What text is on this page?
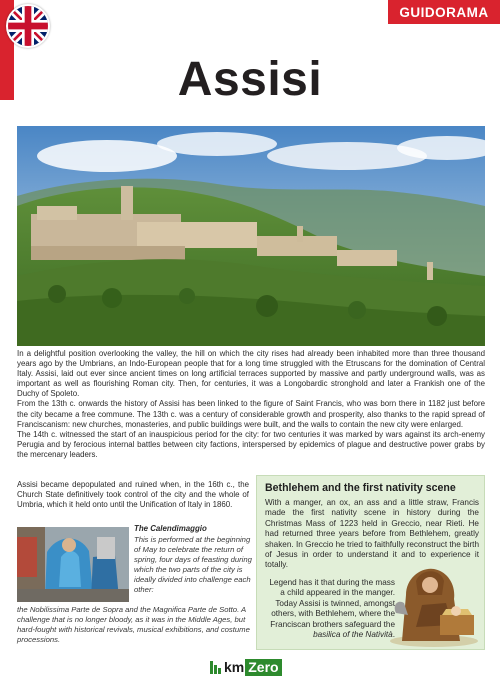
GUIDORAMA
Assisi

In a delightful position overlooking the valley, the hill on which the city rises had already been inhabited more than three thousand years ago by the Umbrians, an Indo-European people that for a long time struggled with the Etruscans for the domination of Central Italy. Assisi, laid out ever since ancient times on long artificial terraces supported by massive and partly underground walls, was as important as well as flourishing Roman city. Then, for centuries, it was a Longobardic stronghold and later a Frankish one of the Duchy of Spoleto.

From the 13th c. onwards the history of Assisi has been linked to the figure of Saint Francis, who was born there in 1182 just before the city became a free commune. The 13th c. was a century of considerable growth and prosperity, also thanks to the rapid spread of Franciscanism: new churches, monasteries, and public buildings were built, and the walls to contain the new city were enlarged.

The 14th c. witnessed the start of an inauspicious period for the city: for two centuries it was marked by wars against its arch-enemy Perugia and by ferocious internal battles between city factions, interspersed by epidemics of plague and destructive power grabs by the mercenary leaders.

Assisi became depopulated and ruined when, in the 16th c., the Church State definitively took control of the city and the whole of Umbria, which it held onto until the Unification of Italy in 1860.
The Calendimaggio
This is performed at the beginning of May to celebrate the return of spring, four days of feasting during which the two parts of the city is ideally divided into challenge each other:
the Nobilissima Parte de Sopra and the Magnifica Parte de Sotto. A challenge that is no longer bloody, as it was in the Middle Ages, but hard-fought with historical revivals, musical exhibitions, and costume processions.
Bethlehem and the first nativity scene
With a manger, an ox, an ass and a little straw, Francis made the first nativity scene in history during the Christmas Mass of 1223 held in Greccio, near Rieti. He had returned three years before from Bethlehem, greatly shaken. In Greccio he tried to faithfully reconstruct the birth of Jesus in order to understand it and to experience it totally.
Legend has it that during the mass a child appeared in the manger. Today Assisi is twinned, amongst others, with Bethlehem, where the Franciscan brothers safeguard the basilica of the Natività.
km Zero
